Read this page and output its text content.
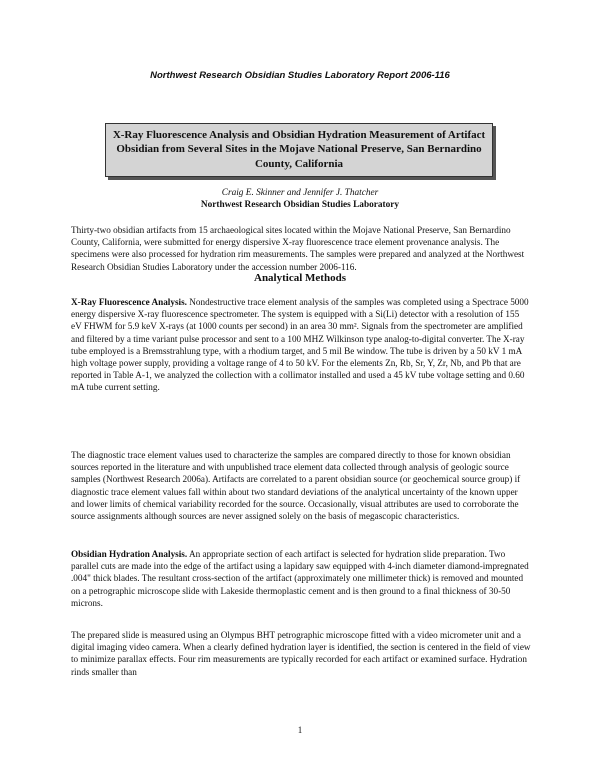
Northwest Research Obsidian Studies Laboratory Report 2006-116
X-Ray Fluorescence Analysis and Obsidian Hydration Measurement of Artifact Obsidian from Several Sites in the Mojave National Preserve, San Bernardino County, California
Craig E. Skinner and Jennifer J. Thatcher
Northwest Research Obsidian Studies Laboratory
Thirty-two obsidian artifacts from 15 archaeological sites located within the Mojave National Preserve, San Bernardino County, California, were submitted for energy dispersive X-ray fluorescence trace element provenance analysis. The specimens were also processed for hydration rim measurements. The samples were prepared and analyzed at the Northwest Research Obsidian Studies Laboratory under the accession number 2006-116.
Analytical Methods
X-Ray Fluorescence Analysis. Nondestructive trace element analysis of the samples was completed using a Spectrace 5000 energy dispersive X-ray fluorescence spectrometer. The system is equipped with a Si(Li) detector with a resolution of 155 eV FHWM for 5.9 keV X-rays (at 1000 counts per second) in an area 30 mm². Signals from the spectrometer are amplified and filtered by a time variant pulse processor and sent to a 100 MHZ Wilkinson type analog-to-digital converter. The X-ray tube employed is a Bremsstrahlung type, with a rhodium target, and 5 mil Be window. The tube is driven by a 50 kV 1 mA high voltage power supply, providing a voltage range of 4 to 50 kV. For the elements Zn, Rb, Sr, Y, Zr, Nb, and Pb that are reported in Table A-1, we analyzed the collection with a collimator installed and used a 45 kV tube voltage setting and 0.60 mA tube current setting.
The diagnostic trace element values used to characterize the samples are compared directly to those for known obsidian sources reported in the literature and with unpublished trace element data collected through analysis of geologic source samples (Northwest Research 2006a). Artifacts are correlated to a parent obsidian source (or geochemical source group) if diagnostic trace element values fall within about two standard deviations of the analytical uncertainty of the known upper and lower limits of chemical variability recorded for the source. Occasionally, visual attributes are used to corroborate the source assignments although sources are never assigned solely on the basis of megascopic characteristics.
Obsidian Hydration Analysis. An appropriate section of each artifact is selected for hydration slide preparation. Two parallel cuts are made into the edge of the artifact using a lapidary saw equipped with 4-inch diameter diamond-impregnated .004" thick blades. The resultant cross-section of the artifact (approximately one millimeter thick) is removed and mounted on a petrographic microscope slide with Lakeside thermoplastic cement and is then ground to a final thickness of 30-50 microns.
The prepared slide is measured using an Olympus BHT petrographic microscope fitted with a video micrometer unit and a digital imaging video camera. When a clearly defined hydration layer is identified, the section is centered in the field of view to minimize parallax effects. Four rim measurements are typically recorded for each artifact or examined surface. Hydration rinds smaller than
1
